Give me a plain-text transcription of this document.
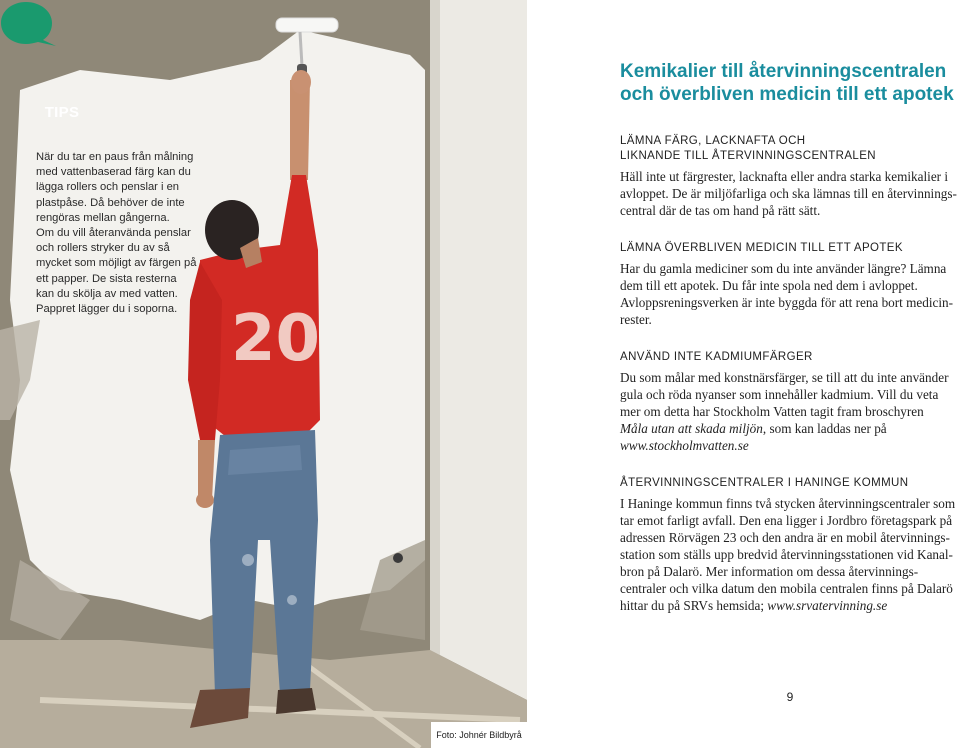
20
TIPS
När du tar en paus från målning
med vattenbaserad färg kan du
lägga rollers och penslar i en
plastpåse. Då behöver de inte
rengöras mellan gångerna.
Om du vill återanvända penslar
och rollers stryker du av så
mycket som möjligt av färgen på
ett papper. De sista resterna
kan du skölja av med vatten.
Pappret lägger du i soporna.
Foto: Johnér Bildbyrå
Kemikalier till återvinningscentralen
och överbliven medicin till ett apotek
LÄMNA FÄRG, LACKNAFTA OCH
LIKNANDE TILL ÅTERVINNINGSCENTRALEN
Häll inte ut färgrester, lacknafta eller andra starka kemikalier i
avloppet. De är miljöfarliga och ska lämnas till en återvinnings-
central där de tas om hand på rätt sätt.
LÄMNA ÖVERBLIVEN MEDICIN TILL ETT APOTEK
Har du gamla mediciner som du inte använder längre? Lämna
dem till ett apotek. Du får inte spola ned dem i avloppet.
Avloppsreningsverken är inte byggda för att rena bort medicin-
rester.
ANVÄND INTE KADMIUMFÄRGER
Du som målar med konstnärsfärger, se till att du inte använder
gula och röda nyanser som innehåller kadmium. Vill du veta
mer om detta har Stockholm Vatten tagit fram broschyren
Måla utan att skada miljön, som kan laddas ner på
www.stockholmvatten.se
ÅTERVINNINGSCENTRALER I HANINGE KOMMUN
I Haninge kommun finns två stycken återvinningscentraler som
tar emot farligt avfall. Den ena ligger i Jordbro företagspark på
adressen Rörvägen 23 och den andra är en mobil återvinnings-
station som ställs upp bredvid återvinningsstationen vid Kanal-
bron på Dalarö. Mer information om dessa återvinnings-
centraler och vilka datum den mobila centralen finns på Dalarö
hittar du på SRVs hemsida; www.srvatervinning.se
9
